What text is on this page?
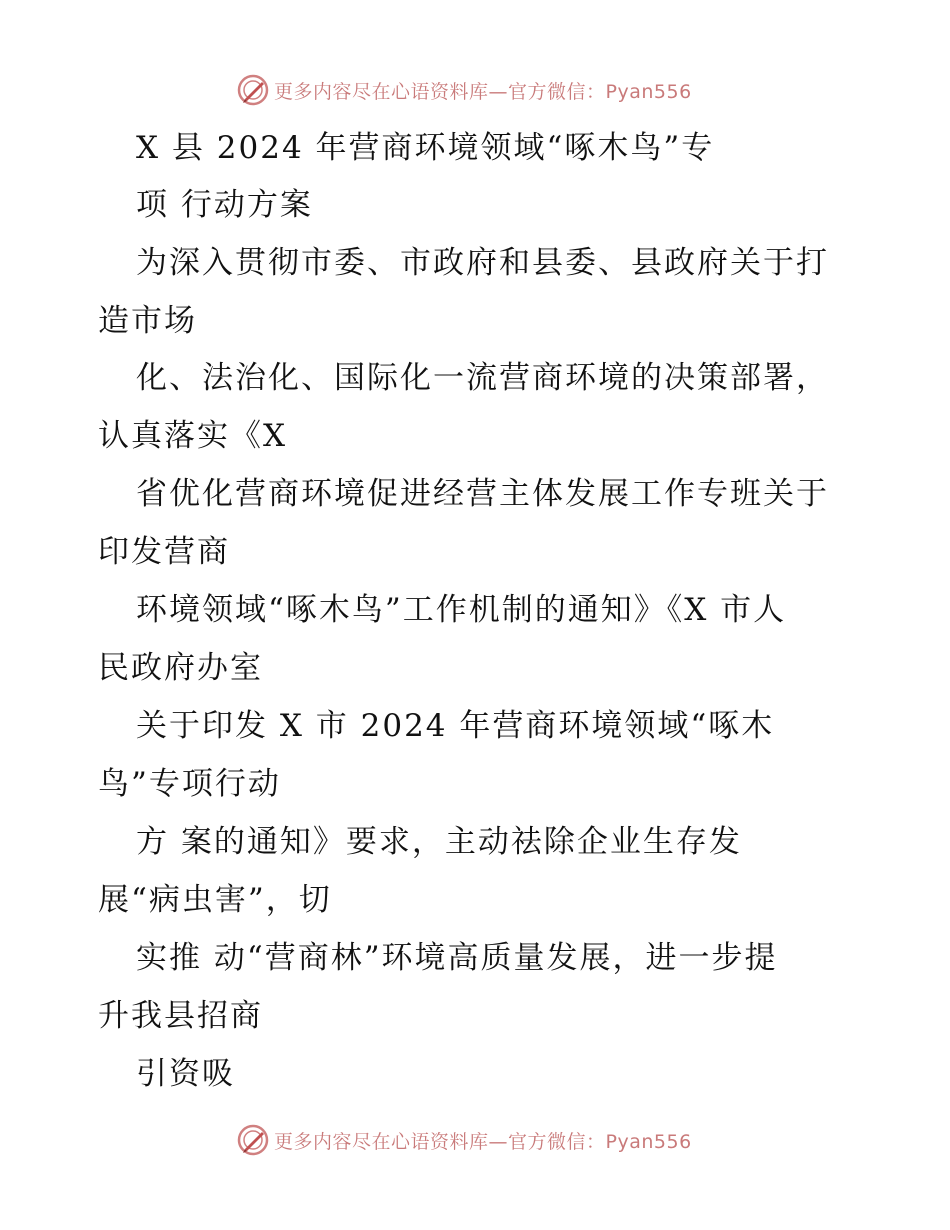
更多内容尽在心语资料库—官方微信：Pyan556
X 县 2024 年营商环境领域“啄木鸟”专
项 行动方案
为深入贯彻市委、市政府和县委、县政府关于打
造市场
化、法治化、国际化一流营商环境的决策部署，
认真落实《X
省优化营商环境促进经营主体发展工作专班关于
印发营商
环境领域“啄木鸟”工作机制的通知》《X 市人
民政府办室
关于印发 X 市 2024 年营商环境领域“啄木
鸟”专项行动
方 案的通知》要求，主动祛除企业生存发
展“病虫害”，切
实推 动“营商林”环境高质量发展，进一步提
升我县招商
引资吸
更多内容尽在心语资料库—官方微信：Pyan556
